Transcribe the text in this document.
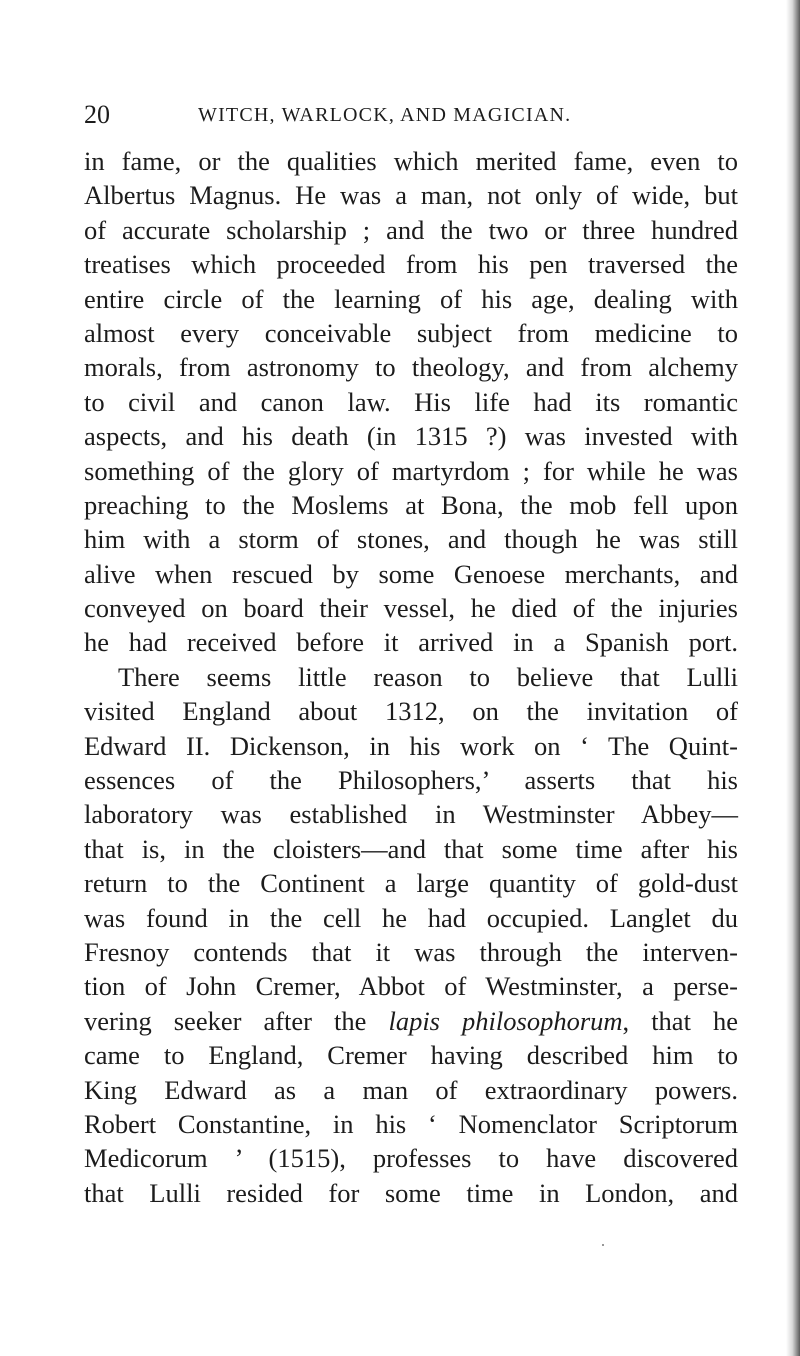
20	WITCH, WARLOCK, AND MAGICIAN.
in fame, or the qualities which merited fame, even to
Albertus Magnus. He was a man, not only of wide, but
of accurate scholarship ; and the two or three hundred
treatises which proceeded from his pen traversed the
entire circle of the learning of his age, dealing with
almost every conceivable subject from medicine to
morals, from astronomy to theology, and from alchemy
to civil and canon law. His life had its romantic
aspects, and his death (in 1315 ?) was invested with
something of the glory of martyrdom ; for while he was
preaching to the Moslems at Bona, the mob fell upon
him with a storm of stones, and though he was still
alive when rescued by some Genoese merchants, and
conveyed on board their vessel, he died of the injuries
he had received before it arrived in a Spanish port.
There seems little reason to believe that Lulli
visited England about 1312, on the invitation of
Edward II. Dickenson, in his work on ‘ The Quint-
essences of the Philosophers,’ asserts that his
laboratory was established in Westminster Abbey—
that is, in the cloisters—and that some time after his
return to the Continent a large quantity of gold-dust
was found in the cell he had occupied. Langlet du
Fresnoy contends that it was through the interven-
tion of John Cremer, Abbot of Westminster, a perse-
vering seeker after the lapis philosophorum, that he
came to England, Cremer having described him to
King Edward as a man of extraordinary powers.
Robert Constantine, in his ‘ Nomenclator Scriptorum
Medicorum ’ (1515), professes to have discovered
that Lulli resided for some time in London, and
